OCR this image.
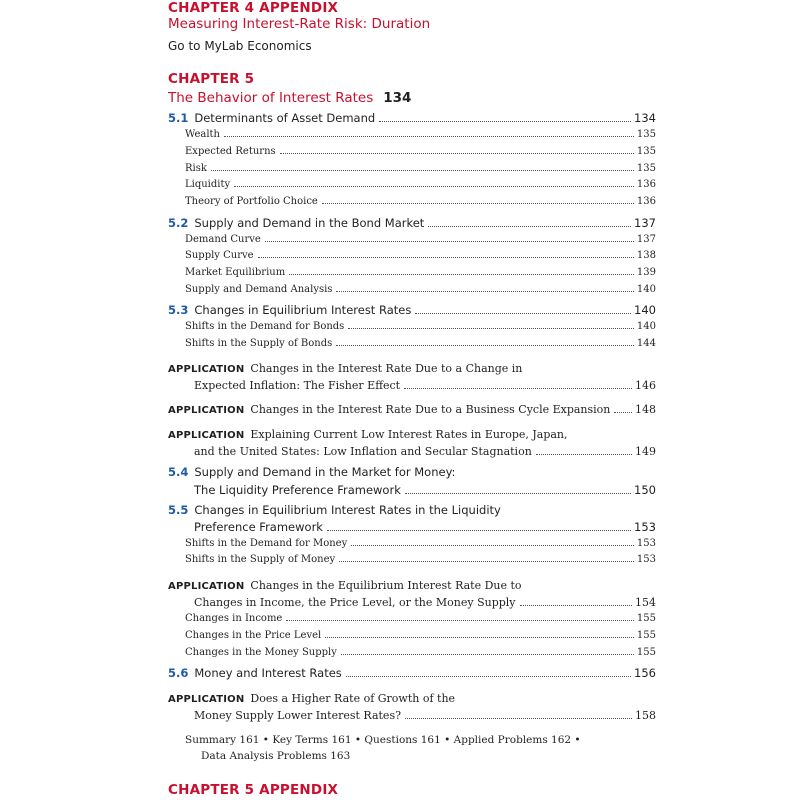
CHAPTER 4 APPENDIX
Measuring Interest-Rate Risk: Duration
Go to MyLab Economics
CHAPTER 5
The Behavior of Interest Rates 134
5.1 Determinants of Asset Demand	134
Wealth	135
Expected Returns	135
Risk	135
Liquidity	136
Theory of Portfolio Choice	136
5.2 Supply and Demand in the Bond Market	137
Demand Curve	137
Supply Curve	138
Market Equilibrium	139
Supply and Demand Analysis	140
5.3 Changes in Equilibrium Interest Rates	140
Shifts in the Demand for Bonds	140
Shifts in the Supply of Bonds	144
APPLICATION Changes in the Interest Rate Due to a Change in
Expected Inflation: The Fisher Effect	146
APPLICATION Changes in the Interest Rate Due to a Business Cycle Expansion 148
APPLICATION Explaining Current Low Interest Rates in Europe, Japan,
and the United States: Low Inflation and Secular Stagnation	149
5.4 Supply and Demand in the Market for Money:
The Liquidity Preference Framework	150
5.5 Changes in Equilibrium Interest Rates in the Liquidity
Preference Framework	153
Shifts in the Demand for Money	153
Shifts in the Supply of Money	153
APPLICATION Changes in the Equilibrium Interest Rate Due to
Changes in Income, the Price Level, or the Money Supply	154
Changes in Income	155
Changes in the Price Level	155
Changes in the Money Supply	155
5.6 Money and Interest Rates	156
APPLICATION Does a Higher Rate of Growth of the
Money Supply Lower Interest Rates?	158
Summary 161 • Key Terms 161 • Questions 161 • Applied Problems 162 •
Data Analysis Problems 163
CHAPTER 5 APPENDIX
